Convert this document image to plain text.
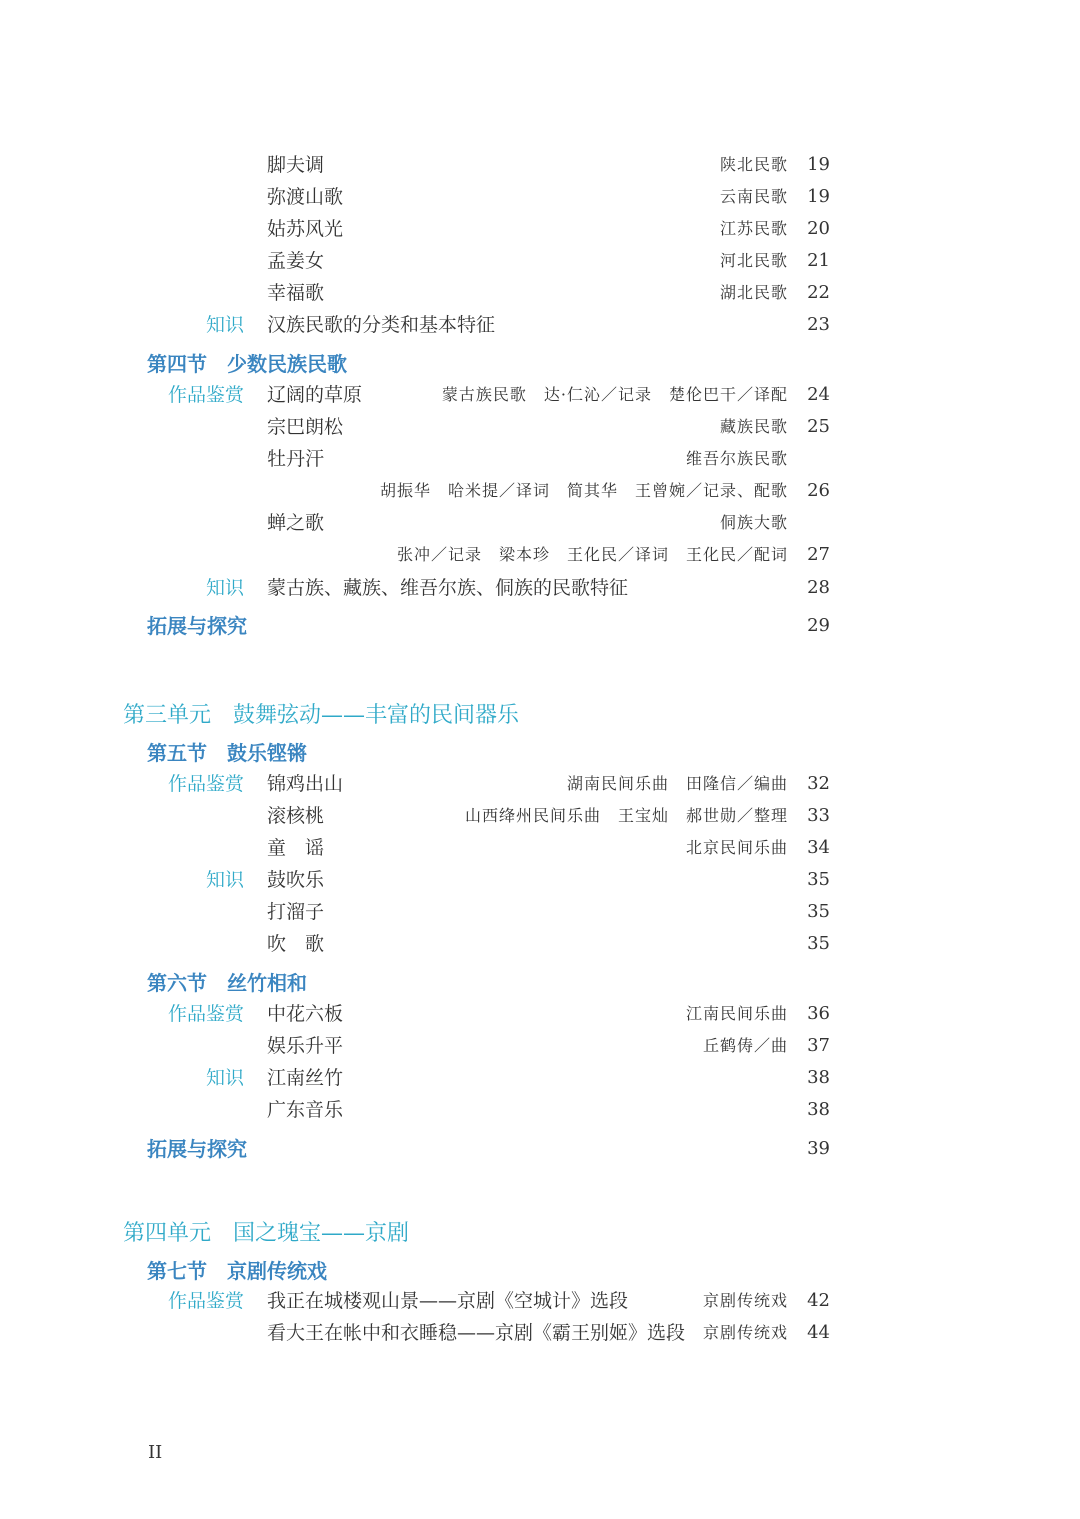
脚夫调	陕北民歌 19
弥渡山歌	云南民歌 19
姑苏风光	江苏民歌 20
孟姜女	河北民歌 21
幸福歌	湖北民歌 22
知识 汉族民歌的分类和基本特征	23
第四节　少数民族民歌
作品鉴赏 辽阔的草原	蒙古族民歌　达·仁沁／记录　楚伦巴干／译配 24
宗巴朗松	藏族民歌 25
牡丹汗	维吾尔族民歌
胡振华　哈米提／译词　简其华　王曾婉／记录、配歌 26
蝉之歌	侗族大歌
张冲／记录　梁本珍　王化民／译词　王化民／配词 27
知识 蒙古族、藏族、维吾尔族、侗族的民歌特征	28
拓展与探究	29
第三单元　鼓舞弦动——丰富的民间器乐
第五节　鼓乐铿锵
作品鉴赏 锦鸡出山	湖南民间乐曲　田隆信／编曲 32
滚核桃	山西绛州民间乐曲　王宝灿　郝世勋／整理 33
童　谣	北京民间乐曲 34
知识 鼓吹乐	35
打溜子	35
吹　歌	35
第六节　丝竹相和
作品鉴赏 中花六板	江南民间乐曲 36
娱乐升平	丘鹤俦／曲 37
知识 江南丝竹	38
广东音乐	38
拓展与探究	39
第四单元　国之瑰宝——京剧
第七节　京剧传统戏
作品鉴赏 我正在城楼观山景——京剧《空城计》选段	京剧传统戏 42
看大王在帐中和衣睡稳——京剧《霸王别姬》选段 京剧传统戏 44
II
